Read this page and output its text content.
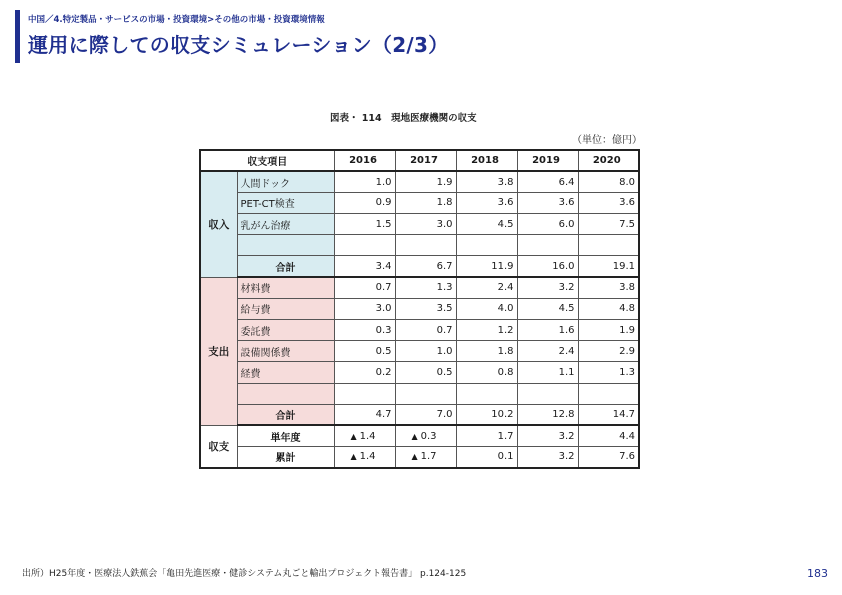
中国／4.特定製品・サービスの市場・投資環境>その他の市場・投資環境情報
運用に際しての収支シミュレーション（2/3）
図表・ 114　現地医療機関の収支
（単位：億円）
収支項目		2016	2017	2018	2019	2020
収入	人間ドック	1.0	1.9	3.8	6.4	8.0
	PET-CT検査	0.9	1.8	3.6	3.6	3.6
	乳がん治療	1.5	3.0	4.5	6.0	7.5

	合計	3.4	6.7	11.9	16.0	19.1
支出	材料費	0.7	1.3	2.4	3.2	3.8
	給与費	3.0	3.5	4.0	4.5	4.8
	委託費	0.3	0.7	1.2	1.6	1.9
	設備関係費	0.5	1.0	1.8	2.4	2.9
	経費	0.2	0.5	0.8	1.1	1.3

	合計	4.7	7.0	10.2	12.8	14.7
収支	単年度	▲ 1.4	▲ 0.3	1.7	3.2	4.4
	累計	▲ 1.4	▲ 1.7	0.1	3.2	7.6
出所）H25年度・医療法人鉄蕉会「亀田先進医療・健診システム丸ごと輸出プロジェクト報告書」 p.124-125	183
